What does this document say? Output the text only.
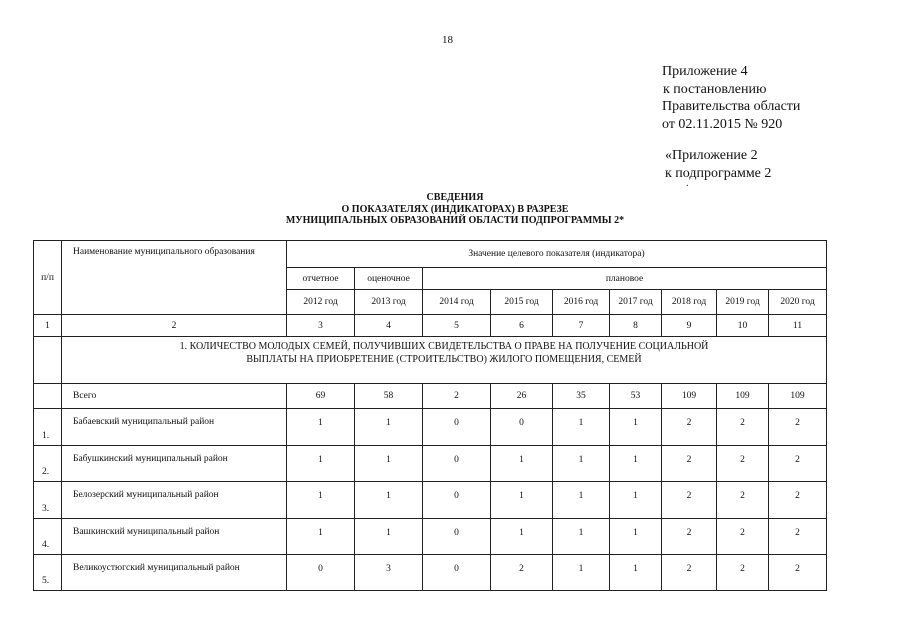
18
Приложение 4
к постановлению
Правительства области
от 02.11.2015 № 920
«Приложение 2
к подпрограмме 2
.
СВЕДЕНИЯ
О ПОКАЗАТЕЛЯХ (ИНДИКАТОРАХ) В РАЗРЕЗЕ
МУНИЦИПАЛЬНЫХ ОБРАЗОВАНИЙ ОБЛАСТИ ПОДПРОГРАММЫ 2*
п/п	Наименование муниципального образования	Значение целевого показателя (индикатора)								
		отчетное	оценочное	плановое						
		2012 год	2013 год	2014 год	2015 год	2016 год	2017 год	2018 год	2019 год	2020 год
1	2	3	4	5	6	7	8	9	10	11

	1. КОЛИЧЕСТВО МОЛОДЫХ СЕМЕЙ, ПОЛУЧИВШИХ СВИДЕТЕЛЬСТВА О ПРАВЕ НА ПОЛУЧЕНИЕ СОЦИАЛЬНОЙ
ВЫПЛАТЫ НА ПРИОБРЕТЕНИЕ (СТРОИТЕЛЬСТВО) ЖИЛОГО ПОМЕЩЕНИЯ, СЕМЕЙ									

	Всего	69	58	2	26	35	53	109	109	109
1.	Бабаевский муниципальный район	1	1	0	0	1	1	2	2	2
2.	Бабушкинский муниципальный район	1	1	0	1	1	1	2	2	2
3.	Белозерский муниципальный район	1	1	0	1	1	1	2	2	2
4.	Вашкинский муниципальный район	1	1	0	1	1	1	2	2	2
5.	Великоустюгский муниципальный район	0	3	0	2	1	1	2	2	2
